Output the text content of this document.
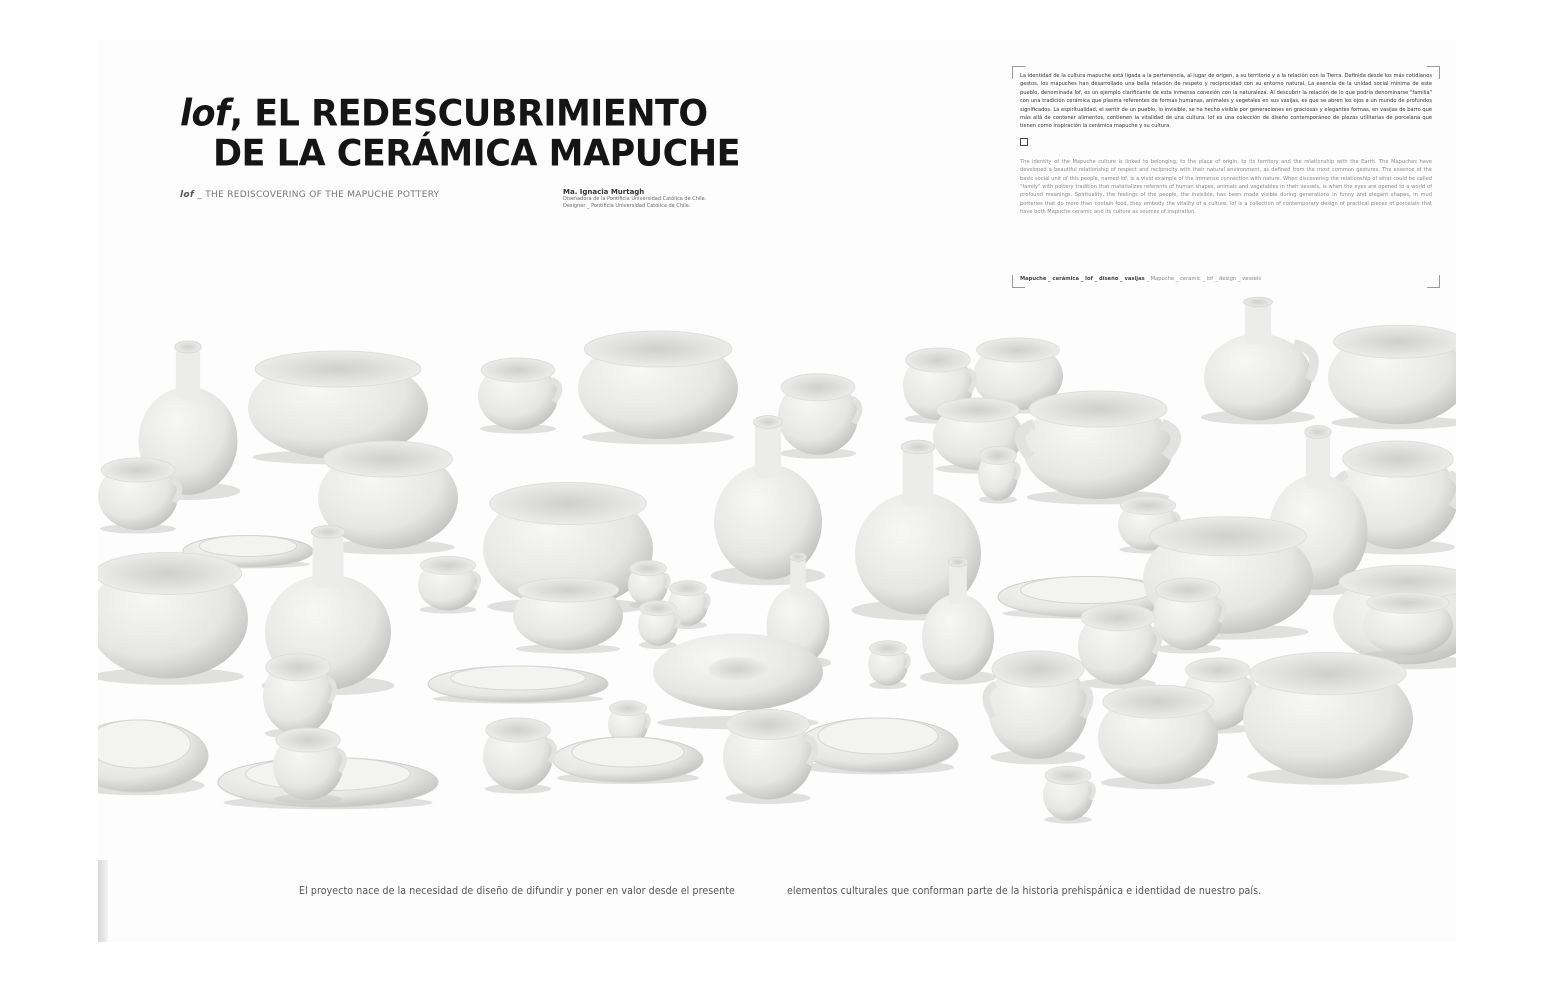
lof, EL REDESCUBRIMIENTO
DE LA CERÁMICA MAPUCHE
lof _ THE REDISCOVERING OF THE MAPUCHE POTTERY	Ma. Ignacia Murtagh
Diseñadora de la Pontificia Universidad Católica de Chile.
Designer _ Pontificia Universidad Católica de Chile.

La identidad de la cultura mapuche está ligada a la pertenencia, al lugar de origen, a su territorio y a la relación con la Tierra. Definida desde los más cotidianos gestos, los mapuches han desarrollado una bella relación de respeto y reciprocidad con su entorno natural. La esencia de la unidad social mínima de este pueblo, denominada lof, es un ejemplo clarificante de esta inmensa conexión con la naturaleza. Al descubrir la relación de lo que podría denominarse "familia" con una tradición cerámica que plasma referentes de formas humanas, animales y vegetales en sus vasijas, es que se abren los ojos a un mundo de profundos significados. La espiritualidad, el sentir de un pueblo, lo invisible, se ha hecho visible por generaciones en graciosas y elegantes formas, en vasijas de barro que más allá de contener alimentos, contienen la vitalidad de una cultura. lof es una colección de diseño contemporáneo de piezas utilitarias de porcelana que tienen como inspiración la cerámica mapuche y su cultura.

The identity of the Mapuche culture is linked to belonging, to the place of origin, to its territory and the relationship with the Earth. The Mapuches have developed a beautiful relationship of respect and reciprocity with their natural environment, as defined from the most common gestures. The essence of the basic social unit of this people, named lof, is a vivid example of the immense connection with nature. When discovering the relationship of what could be called "family" with pottery tradition that materializes referents of human shapes, animals and vegetables in their vessels, is when the eyes are opened to a world of profound meanings. Spirituality, the feelings of the people, the invisible, has been made visible during generations in funny and elegant shapes, in mud potteries that do more than contain food, they embody the vitality of a culture. lof is a collection of contemporary design of practical pieces of porcelain that have both Mapuche ceramic and its culture as sources of inspiration.

Mapuche _ cerámica _ lof _ diseño _ vasijas _ Mapuche _ ceramic _ lof _ design _ vessels
El proyecto nace de la necesidad de diseño de difundir y poner en valor desde el presente	elementos culturales que conforman parte de la historia prehispánica e identidad de nuestro país.
